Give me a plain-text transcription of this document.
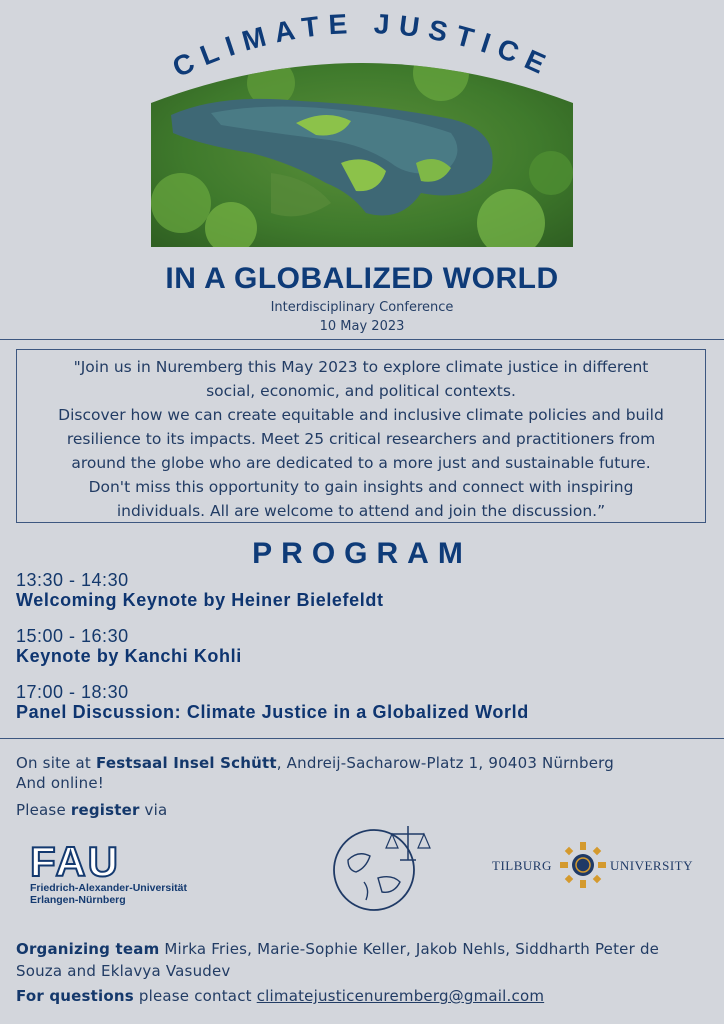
CLIMATE JUSTICE
IN A GLOBALIZED WORLD
Interdisciplinary Conference
10 May 2023
"Join us in Nuremberg this May 2023 to explore climate justice in different
social, economic, and political contexts.
Discover how we can create equitable and inclusive climate policies and build
resilience to its impacts. Meet 25 critical researchers and practitioners from
around the globe who are dedicated to a more just and sustainable future.
Don't miss this opportunity to gain insights and connect with inspiring
individuals. All are welcome to attend and join the discussion.”
PROGRAM
13:30 - 14:30
Welcoming Keynote by Heiner Bielefeldt
15:00 - 16:30
Keynote by Kanchi Kohli
17:00 - 18:30
Panel Discussion: Climate Justice in a Globalized World
On site at Festsaal Insel Schütt, Andreij-Sacharow-Platz 1, 90403 Nürnberg
And online!
Please register via
FAU
Friedrich-Alexander-Universität
Erlangen-Nürnberg
TILBURG	UNIVERSITY
Organizing team Mirka Fries, Marie-Sophie Keller, Jakob Nehls, Siddharth Peter de Souza and Eklavya Vasudev
For questions please contact climatejusticenuremberg@gmail.com
